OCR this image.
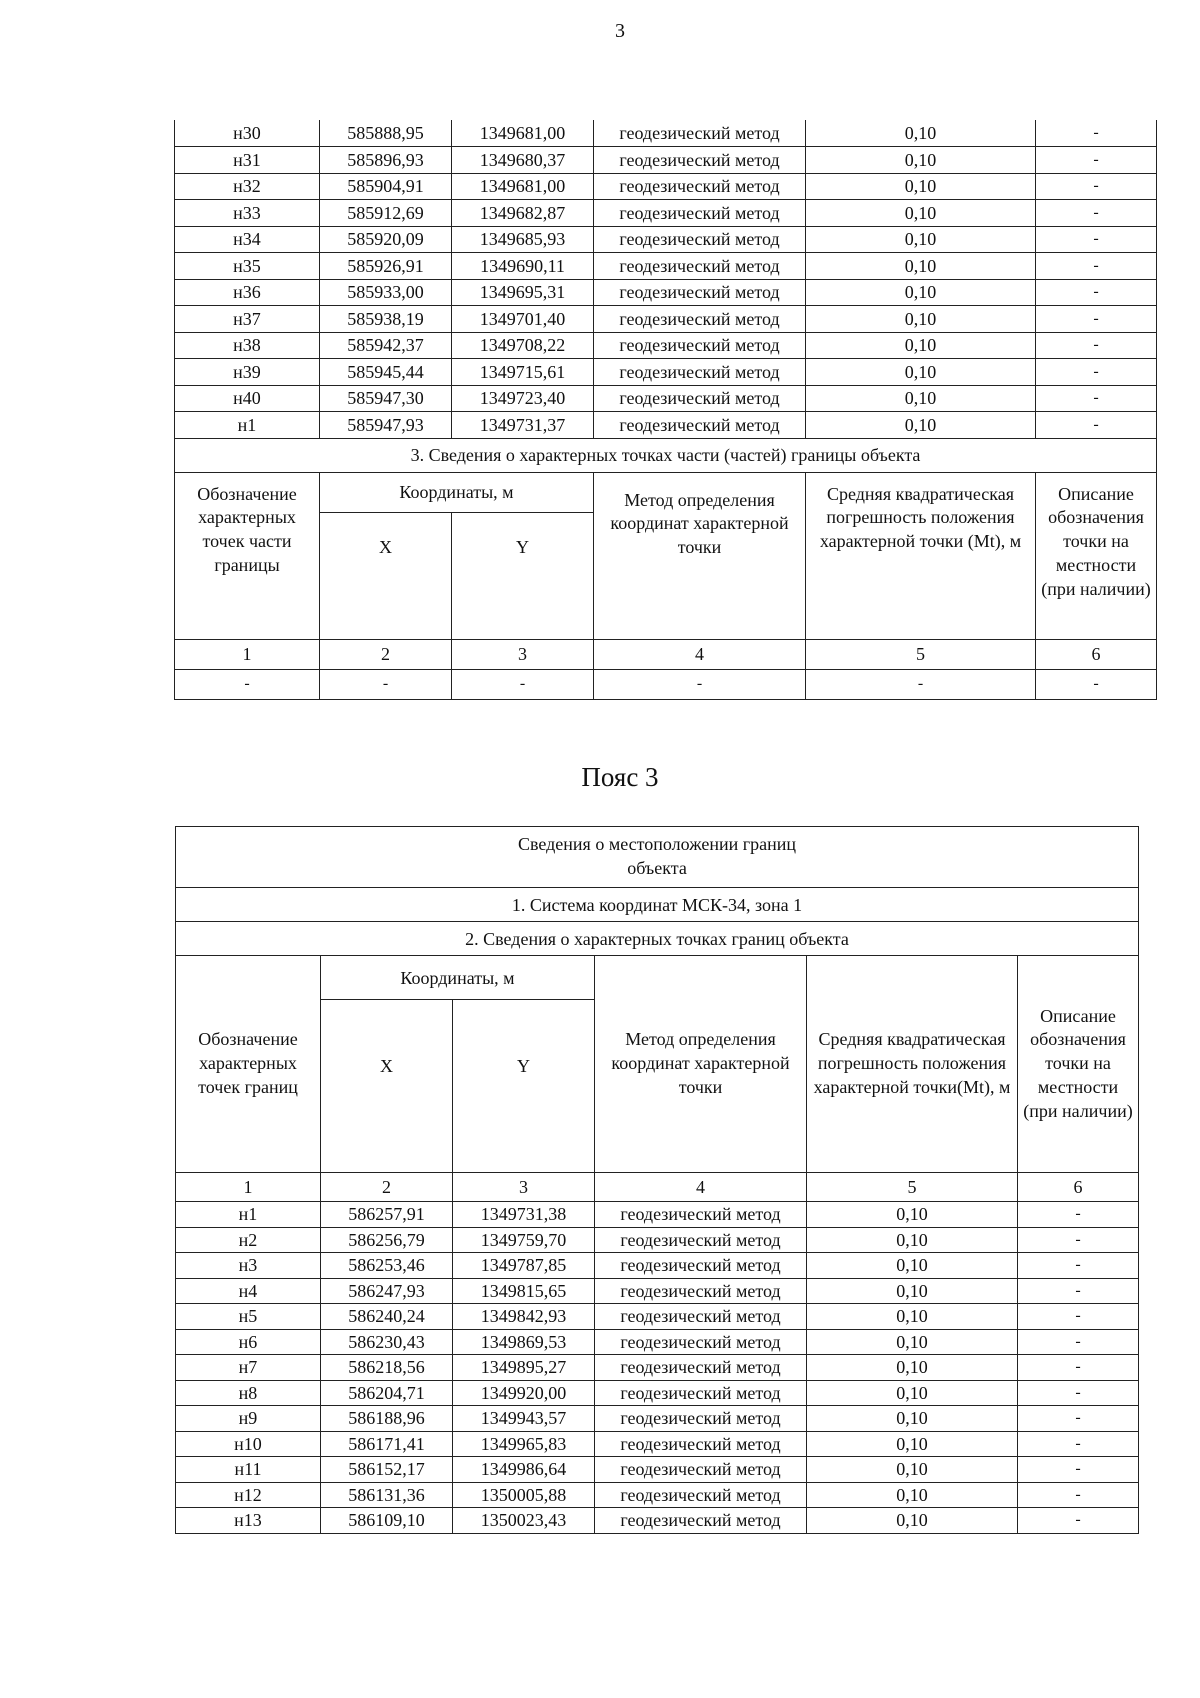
3
н30	585888,95	1349681,00	геодезический метод	0,10	-
н31	585896,93	1349680,37	геодезический метод	0,10	-
н32	585904,91	1349681,00	геодезический метод	0,10	-
н33	585912,69	1349682,87	геодезический метод	0,10	-
н34	585920,09	1349685,93	геодезический метод	0,10	-
н35	585926,91	1349690,11	геодезический метод	0,10	-
н36	585933,00	1349695,31	геодезический метод	0,10	-
н37	585938,19	1349701,40	геодезический метод	0,10	-
н38	585942,37	1349708,22	геодезический метод	0,10	-
н39	585945,44	1349715,61	геодезический метод	0,10	-
н40	585947,30	1349723,40	геодезический метод	0,10	-
н1	585947,93	1349731,37	геодезический метод	0,10	-
3. Сведения о характерных точках части (частей) границы объекта					
Обозначение характерных точек части границы	Координаты, м		Метод определения координат характерной точки	Средняя квадратическая погрешность положения характерной точки (Mt), м	Описание обозначения точки на местности (при наличии)
	X	Y			
1	2	3	4	5	6
-	-	-	-	-	-
Пояс 3
Сведения о местоположении границ объекта					
1. Система координат МСК-34, зона 1					
2. Сведения о характерных точках границ объекта					
Обозначение характерных точек границ	Координаты, м		Метод определения координат характерной точки	Средняя квадратическая погрешность положения характерной точки(Mt), м	Описание обозначения точки на местности (при наличии)
	X	Y			
1	2	3	4	5	6
н1	586257,91	1349731,38	геодезический метод	0,10	-
н2	586256,79	1349759,70	геодезический метод	0,10	-
н3	586253,46	1349787,85	геодезический метод	0,10	-
н4	586247,93	1349815,65	геодезический метод	0,10	-
н5	586240,24	1349842,93	геодезический метод	0,10	-
н6	586230,43	1349869,53	геодезический метод	0,10	-
н7	586218,56	1349895,27	геодезический метод	0,10	-
н8	586204,71	1349920,00	геодезический метод	0,10	-
н9	586188,96	1349943,57	геодезический метод	0,10	-
н10	586171,41	1349965,83	геодезический метод	0,10	-
н11	586152,17	1349986,64	геодезический метод	0,10	-
н12	586131,36	1350005,88	геодезический метод	0,10	-
н13	586109,10	1350023,43	геодезический метод	0,10	-
